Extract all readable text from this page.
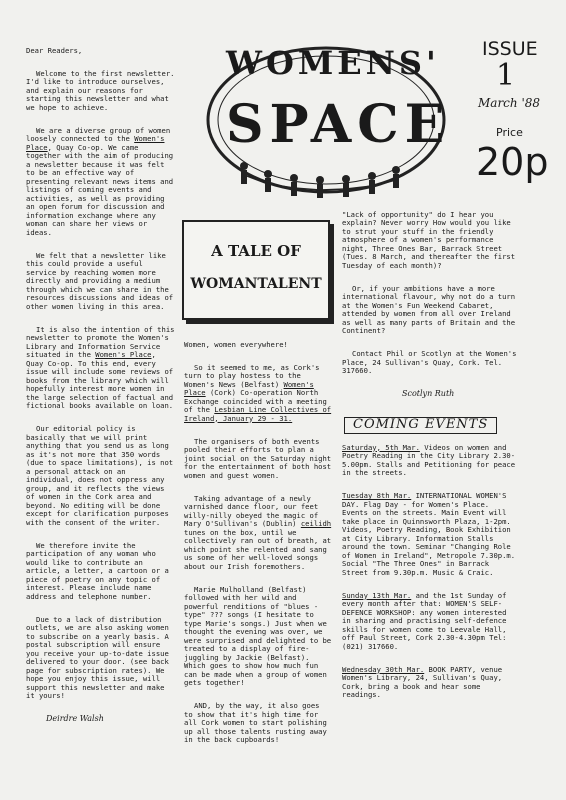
Dear Readers,

Welcome to the first newsletter. I'd like to introduce ourselves, and explain our reasons for starting this newsletter and what we hope to achieve.

We are a diverse group of women loosely connected to the Women's Place, Quay Co-op. We came together with the aim of producing a newsletter because it was felt to be an effective way of presenting relevant news items and listings of coming events and activities, as well as providing an open forum for discussion and information exchange where any woman can share her views or ideas.

We felt that a newsletter like this could provide a useful service by reaching women more directly and providing a medium through which we can share in the resources discussions and ideas of other women living in this area.

It is also the intention of this newsletter to promote the Women's Library and Information Service situated in the Women's Place, Quay Co-op. To this end, every issue will include some reviews of books from the library which will hopefully interest more women in the large selection of factual and fictional books available on loan.

Our editorial policy is basically that we will print anything that you send us as long as it's not more that 350 words (due to space limitations), is not a personal attack on an individual, does not oppress any group, and it reflects the views of women in the Cork area and beyond. No editing will be done except for clarification purposes with the consent of the writer.

We therefore invite the participation of any woman who would like to contribute an article, a letter, a cartoon or a piece of poetry on any topic of interest. Please include name address and telephone number.

Due to a lack of distribution outlets, we are also asking women to subscribe on a yearly basis. A postal subscription will ensure you receive your up-to-date issue delivered to your door. (see back page for subscription rates). We hope you enjoy this issue, will support this newsletter and make it yours!

Deirdre Walsh

WOMENS'
SPACE
ISSUE
1
March '88
Price
20p
A TALE OF
WOMANTALENT

Women, women everywhere!

So it seemed to me, as Cork's turn to play hostess to the Women's News (Belfast) Women's Place (Cork) Co-operation North Exchange coincided with a meeting of the Lesbian Line Collectives of Ireland, January 29 - 31.

The organisers of both events pooled their efforts to plan a joint social on the Saturday night for the entertainment of both host women and guest women.

Taking advantage of a newly varnished dance floor, our feet willy-nilly obeyed the magic of Mary O'Sullivan's (Dublin) ceilidh tunes on the box, until we collectively ran out of breath, at which point she relented and sang us some of her well-loved songs about our Irish foremothers.

Marie Mulholland (Belfast) followed with her wild and powerful renditions of "blues -type" ??? songs (I hesitate to type Marie's songs.) Just when we thought the evening was over, we were surprised and delighted to be treated to a display of fire-juggling by Jackie (Belfast). Which goes to show how much fun can be made when a group of women gets together!

AND, by the way, it also goes to show that it's high time for all Cork women to start polishing up all those talents rusting away in the back cupboards!

"Lack of opportunity" do I hear you explain? Never worry How would you like to strut your stuff in the friendly atmosphere of a women's performance night, Three Ones Bar, Barrack Street (Tues. 8 March, and thereafter the first Tuesday of each month)?

Or, if your ambitions have a more international flavour, why not do a turn at the Women's Fun Weekend Cabaret, attended by women from all over Ireland as well as many parts of Britain and the Continent?

Contact Phil or Scotlyn at the Women's Place, 24 Sullivan's Quay, Cork. Tel. 317660.

Scotlyn Ruth

COMING EVENTS

Saturday, 5th Mar. Videos on women and Poetry Reading in the City Library 2.30-5.00pm. Stalls and Petitioning for peace in the streets.

Tuesday 8th Mar. INTERNATIONAL WOMEN'S DAY. Flag Day - for Women's Place. Events on the streets. Main Event will take place in Quinnsworth Plaza, 1-2pm. Videos, Poetry Reading, Book Exhibition at City Library. Information Stalls around the town. Seminar "Changing Role of Women in Ireland", Metropole 7.30p.m. Social "The Three Ones" in Barrack Street from 9.30p.m. Music & Craic.

Sunday 13th Mar. and the 1st Sunday of every month after that: WOMEN'S SELF-DEFENCE WORKSHOP: any women interested in sharing and practising self-defence skills for women come to Leevale Hall, off Paul Street, Cork 2.30-4.30pm Tel: (021) 317660.

Wednesday 30th Mar. BOOK PARTY, venue Women's Library, 24, Sullivan's Quay, Cork, bring a book and hear some readings.
